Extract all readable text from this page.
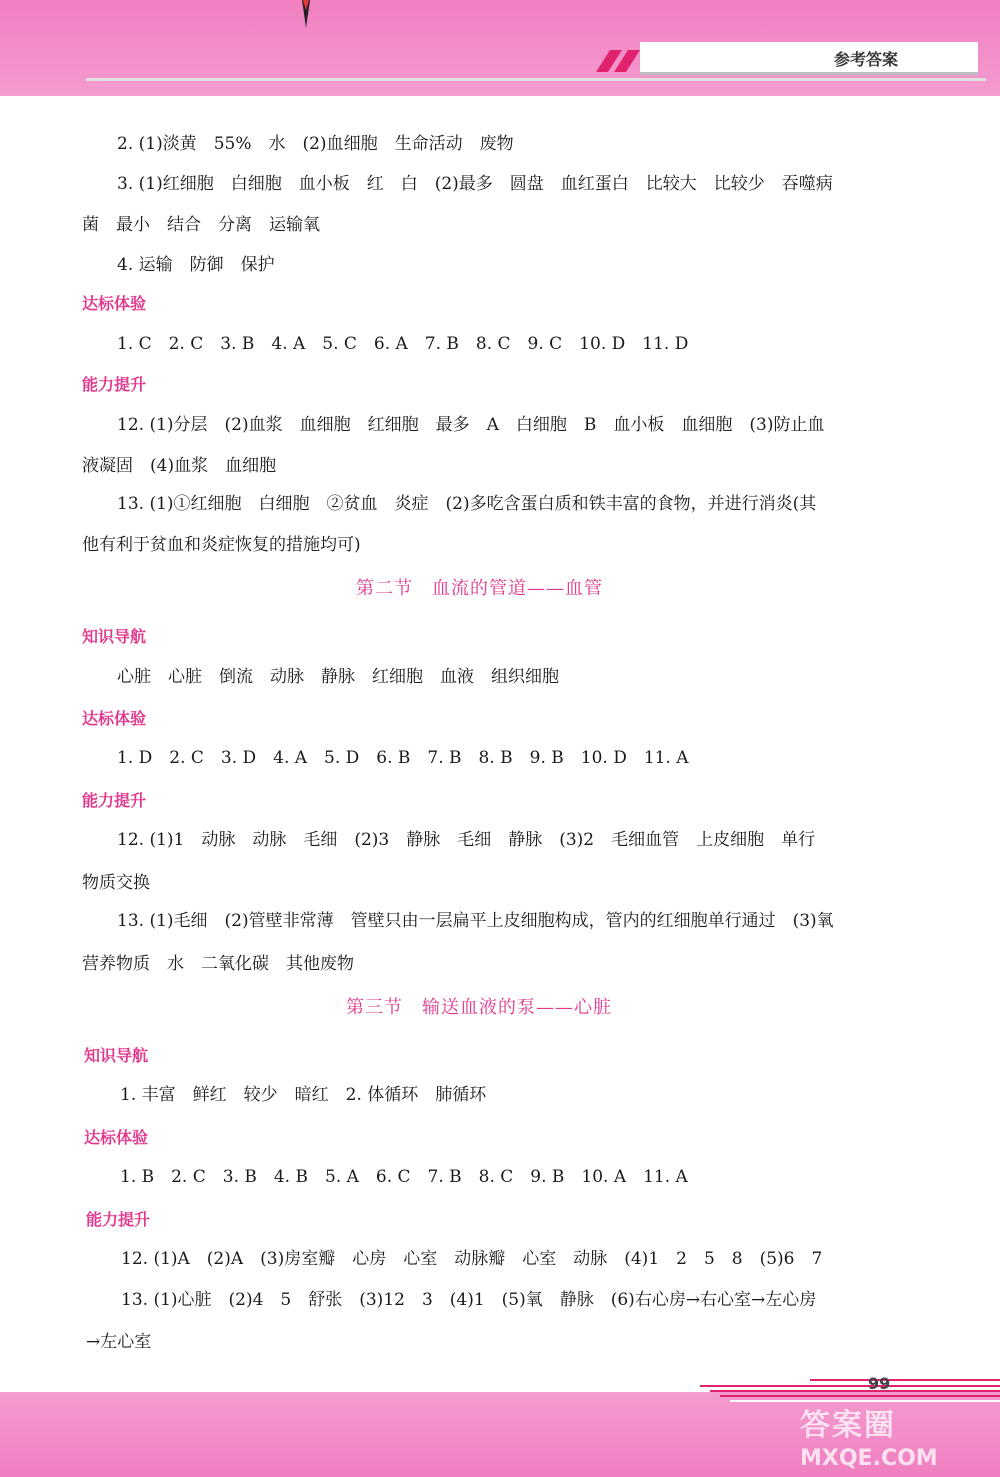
参考答案
2. (1)淡黄　55%　水　(2)血细胞　生命活动　废物
3. (1)红细胞　白细胞　血小板　红　白　(2)最多　圆盘　血红蛋白　比较大　比较少　吞噬病
菌　最小　结合　分离　运输氧
4. 运输　防御　保护
达标体验
1. C　2. C　3. B　4. A　5. C　6. A　7. B　8. C　9. C　10. D　11. D
能力提升
12. (1)分层　(2)血浆　血细胞　红细胞　最多　A　白细胞　B　血小板　血细胞　(3)防止血
液凝固　(4)血浆　血细胞
13. (1)①红细胞　白细胞　②贫血　炎症　(2)多吃含蛋白质和铁丰富的食物，并进行消炎(其
他有利于贫血和炎症恢复的措施均可)
第二节　血流的管道——血管
知识导航
心脏　心脏　倒流　动脉　静脉　红细胞　血液　组织细胞
达标体验
1. D　2. C　3. D　4. A　5. D　6. B　7. B　8. B　9. B　10. D　11. A
能力提升
12. (1)1　动脉　动脉　毛细　(2)3　静脉　毛细　静脉　(3)2　毛细血管　上皮细胞　单行
物质交换
13. (1)毛细　(2)管壁非常薄　管壁只由一层扁平上皮细胞构成，管内的红细胞单行通过　(3)氧
营养物质　水　二氧化碳　其他废物
第三节　输送血液的泵——心脏
知识导航
1. 丰富　鲜红　较少　暗红　2. 体循环　肺循环
达标体验
1. B　2. C　3. B　4. B　5. A　6. C　7. B　8. C　9. B　10. A　11. A
能力提升
12. (1)A　(2)A　(3)房室瓣　心房　心室　动脉瓣　心室　动脉　(4)1　2　5　8　(5)6　7
13. (1)心脏　(2)4　5　舒张　(3)12　3　(4)1　(5)氧　静脉　(6)右心房→右心室→左心房
→左心室
99
答案圈
MXQE.COM
